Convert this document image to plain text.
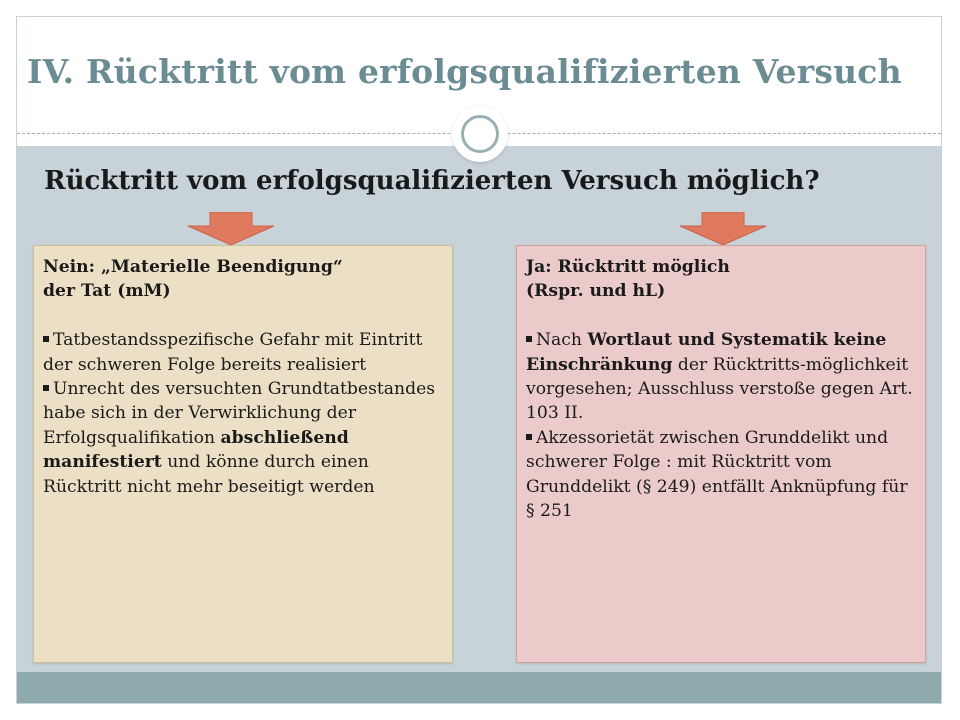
IV. Rücktritt vom erfolgsqualifizierten Versuch
Rücktritt vom erfolgsqualifizierten Versuch möglich?
Nein: „Materielle Beendigung“
der Tat (mM)
Tatbestandsspezifische Gefahr mit Eintritt der schweren Folge bereits realisiert
Unrecht des versuchten Grundtatbestandes habe sich in der Verwirklichung der Erfolgsqualifikation abschließend manifestiert und könne durch einen Rücktritt nicht mehr beseitigt werden
Ja: Rücktritt möglich
(Rspr. und hL)
Nach Wortlaut und Systematik keine Einschränkung der Rücktritts-möglichkeit vorgesehen; Ausschluss verstoße gegen Art. 103 II.
Akzessorietät zwischen Grunddelikt und schwerer Folge : mit Rücktritt vom Grunddelikt (§ 249) entfällt Anknüpfung für § 251
